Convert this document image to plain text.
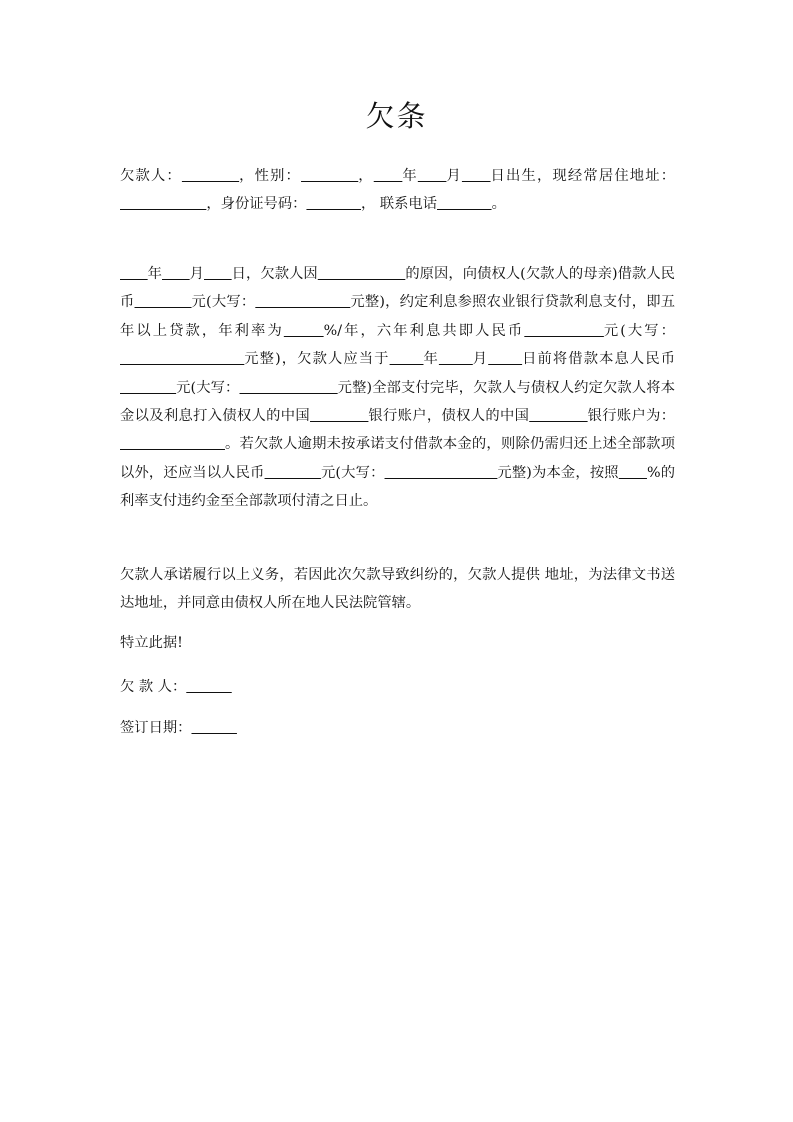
欠条

欠款人：	，性别：	， 年 月 日出生，现经常居住地址：                   ，身份证号码：	， 联系电话	。

年 月 日，欠款人因	的原因，向债权人(欠款人的母亲)借款人民币	元(大写：	元整)，约定利息参照农业银行贷款利息支付，即五年以上贷款，年利率为	%/年，六年利息共即人民币	元(大写：                      元整)，欠款人应当于 年 月 日前将借款本息人民币            元(大写：	元整)全部支付完毕，欠款人与债权人约定欠款人将本金以及利息打入债权人的中国	银行账户，债权人的中国	银行账户为：                      。若欠款人逾期未按承诺支付借款本金的，则除仍需归还上述全部款项以外，还应当以人民币	元(大写：	元整)为本金，按照 %的利率支付违约金至全部款项付清之日止。

欠款人承诺履行以上义务，若因此次欠款导致纠纷的，欠款人提供 地址，为法律文书送达地址，并同意由债权人所在地人民法院管辖。

特立此据!

欠 款 人：
签订日期：
